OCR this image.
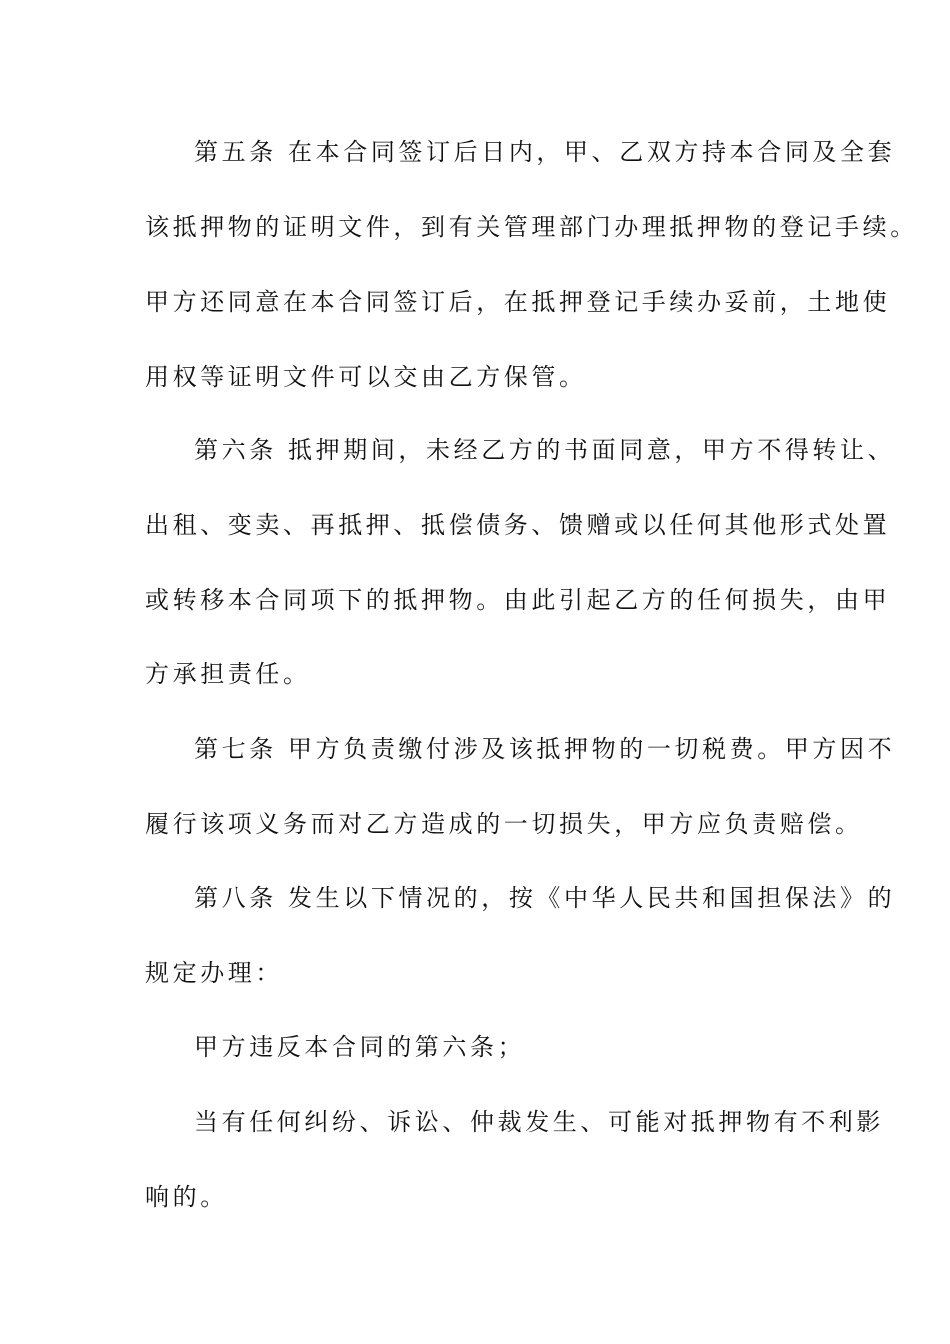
第五条 在本合同签订后日内，甲、乙双方持本合同及全套
该抵押物的证明文件，到有关管理部门办理抵押物的登记手续。
甲方还同意在本合同签订后，在抵押登记手续办妥前，土地使
用权等证明文件可以交由乙方保管。
第六条 抵押期间，未经乙方的书面同意，甲方不得转让、
出租、变卖、再抵押、抵偿债务、馈赠或以任何其他形式处置
或转移本合同项下的抵押物。由此引起乙方的任何损失，由甲
方承担责任。
第七条 甲方负责缴付涉及该抵押物的一切税费。甲方因不
履行该项义务而对乙方造成的一切损失，甲方应负责赔偿。
第八条 发生以下情况的，按《中华人民共和国担保法》的
规定办理：
甲方违反本合同的第六条；
当有任何纠纷、诉讼、仲裁发生、可能对抵押物有不利影
响的。
